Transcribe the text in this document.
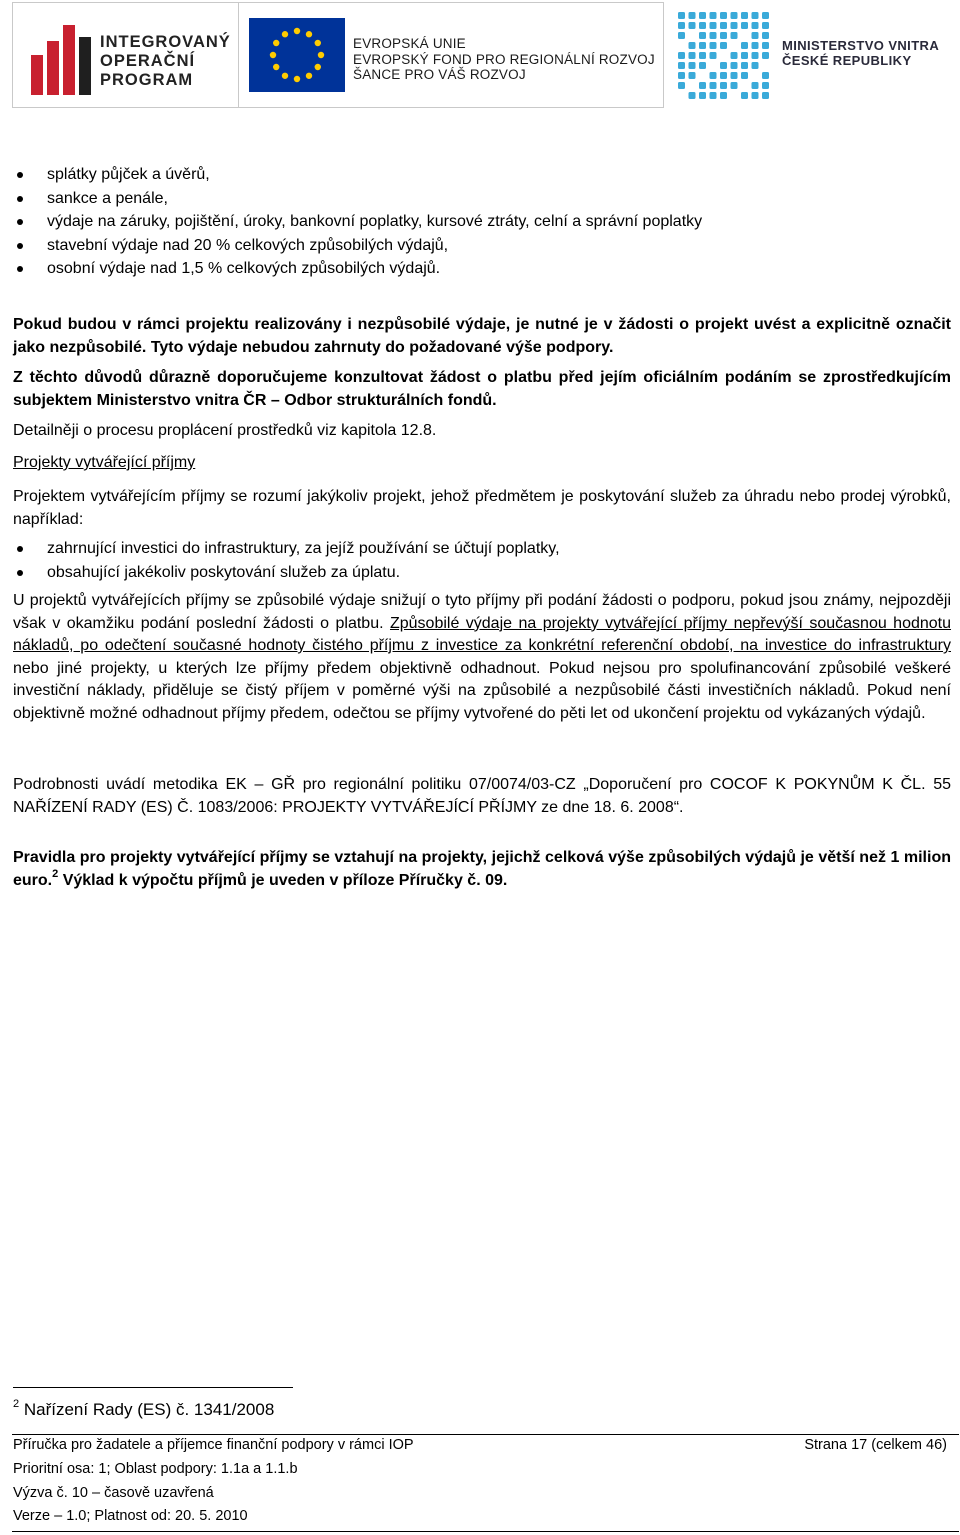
INTEGROVANÝ
OPERAČNÍ
PROGRAM
EVROPSKÁ UNIE
EVROPSKÝ FOND PRO REGIONÁLNÍ ROZVOJ
ŠANCE PRO VÁŠ ROZVOJ
MINISTERSTVO VNITRA
ČESKÉ REPUBLIKY
splátky půjček a úvěrů,
sankce a penále,
výdaje na záruky, pojištění, úroky, bankovní poplatky, kursové ztráty, celní a správní poplatky
stavební výdaje nad 20 % celkových způsobilých výdajů,
osobní výdaje nad 1,5 % celkových způsobilých výdajů.
Pokud budou v rámci projektu realizovány i nezpůsobilé výdaje, je nutné je v žádosti o projekt uvést a explicitně označit jako nezpůsobilé. Tyto výdaje nebudou zahrnuty do požadované výše podpory.
Z těchto důvodů důrazně doporučujeme konzultovat žádost o platbu před jejím oficiálním podáním se zprostředkujícím subjektem Ministerstvo vnitra ČR – Odbor strukturálních fondů.
Detailněji o procesu proplácení prostředků viz kapitola 12.8.
Projekty vytvářející příjmy
Projektem vytvářejícím příjmy se rozumí jakýkoliv projekt, jehož předmětem je poskytování služeb za úhradu nebo prodej výrobků, například:
zahrnující investici do infrastruktury, za jejíž používání se účtují poplatky,
obsahující jakékoliv poskytování služeb za úplatu.
U projektů vytvářejících příjmy se způsobilé výdaje snižují o tyto příjmy při podání žádosti o podporu, pokud jsou známy, nejpozději však v okamžiku podání poslední žádosti o platbu. Způsobilé výdaje na projekty vytvářející příjmy nepřevýší současnou hodnotu nákladů, po odečtení současné hodnoty čistého příjmu z investice za konkrétní referenční období, na investice do infrastruktury nebo jiné projekty, u kterých lze příjmy předem objektivně odhadnout. Pokud nejsou pro spolufinancování způsobilé veškeré investiční náklady, přiděluje se čistý příjem v poměrné výši na způsobilé a nezpůsobilé části investičních nákladů. Pokud není objektivně možné odhadnout příjmy předem, odečtou se příjmy vytvořené do pěti let od ukončení projektu od vykázaných výdajů.
Podrobnosti uvádí metodika EK – GŘ pro regionální politiku 07/0074/03-CZ „Doporučení pro COCOF K POKYNŮM K ČL. 55 NAŘÍZENÍ RADY (ES) Č. 1083/2006: PROJEKTY VYTVÁŘEJÍCÍ PŘÍJMY ze dne 18. 6. 2008“.
Pravidla pro projekty vytvářející příjmy se vztahují na projekty, jejichž celková výše způsobilých výdajů je větší než 1 milion euro.$^2$ Výklad k výpočtu příjmů je uveden v příloze Příručky č. 09.
$^2$ Nařízení Rady (ES) č. 1341/2008
Příručka pro žadatele a příjemce finanční podpory v rámci IOP
Prioritní osa: 1; Oblast podpory: 1.1a a 1.1.b
Výzva č. 10 – časově uzavřená
Verze – 1.0; Platnost od: 20. 5. 2010
Strana 17 (celkem 46)
